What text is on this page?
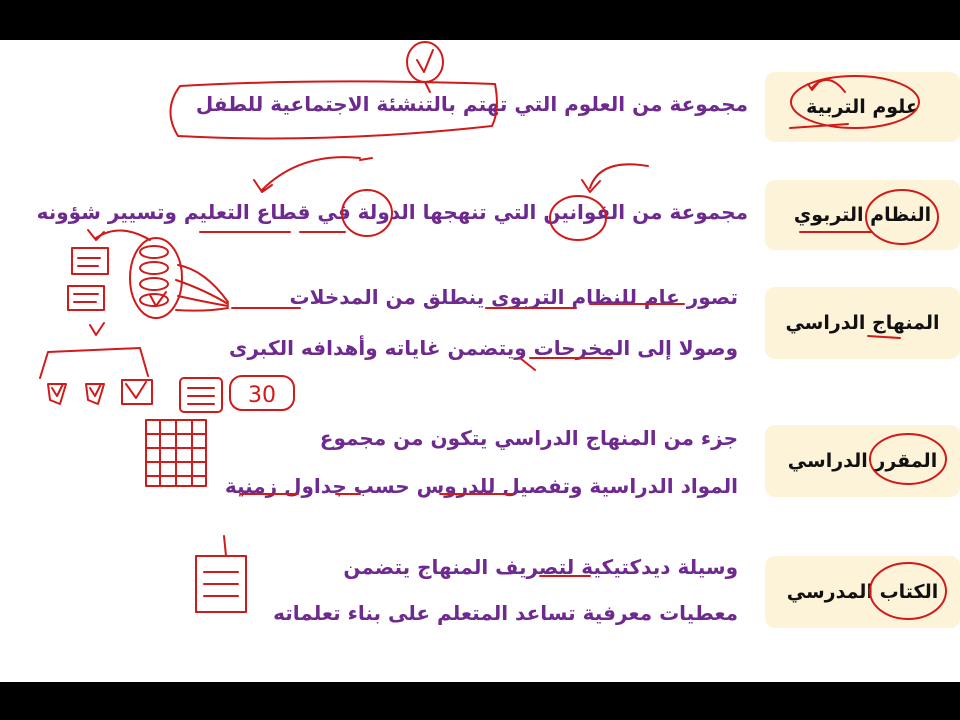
علوم التربية
مجموعة من العلوم التي تهتم بالتنشئة الاجتماعية للطفل
النظام التربوي
مجموعة من القوانين التي تنهجها الدولة في قطاع التعليم وتسيير شؤونه
المنهاج الدراسي
تصور عام للنظام التربوي ينطلق من المدخلات
وصولا إلى المخرجات ويتضمن غاياته وأهدافه الكبرى
المقرر الدراسي
جزء من المنهاج الدراسي يتكون من مجموع
المواد الدراسية وتفصيل للدروس حسب جداول زمنية
الكتاب المدرسي
وسيلة ديدكتيكية لتصريف المنهاج يتضمن
معطيات معرفية تساعد المتعلم على بناء تعلماته
30
